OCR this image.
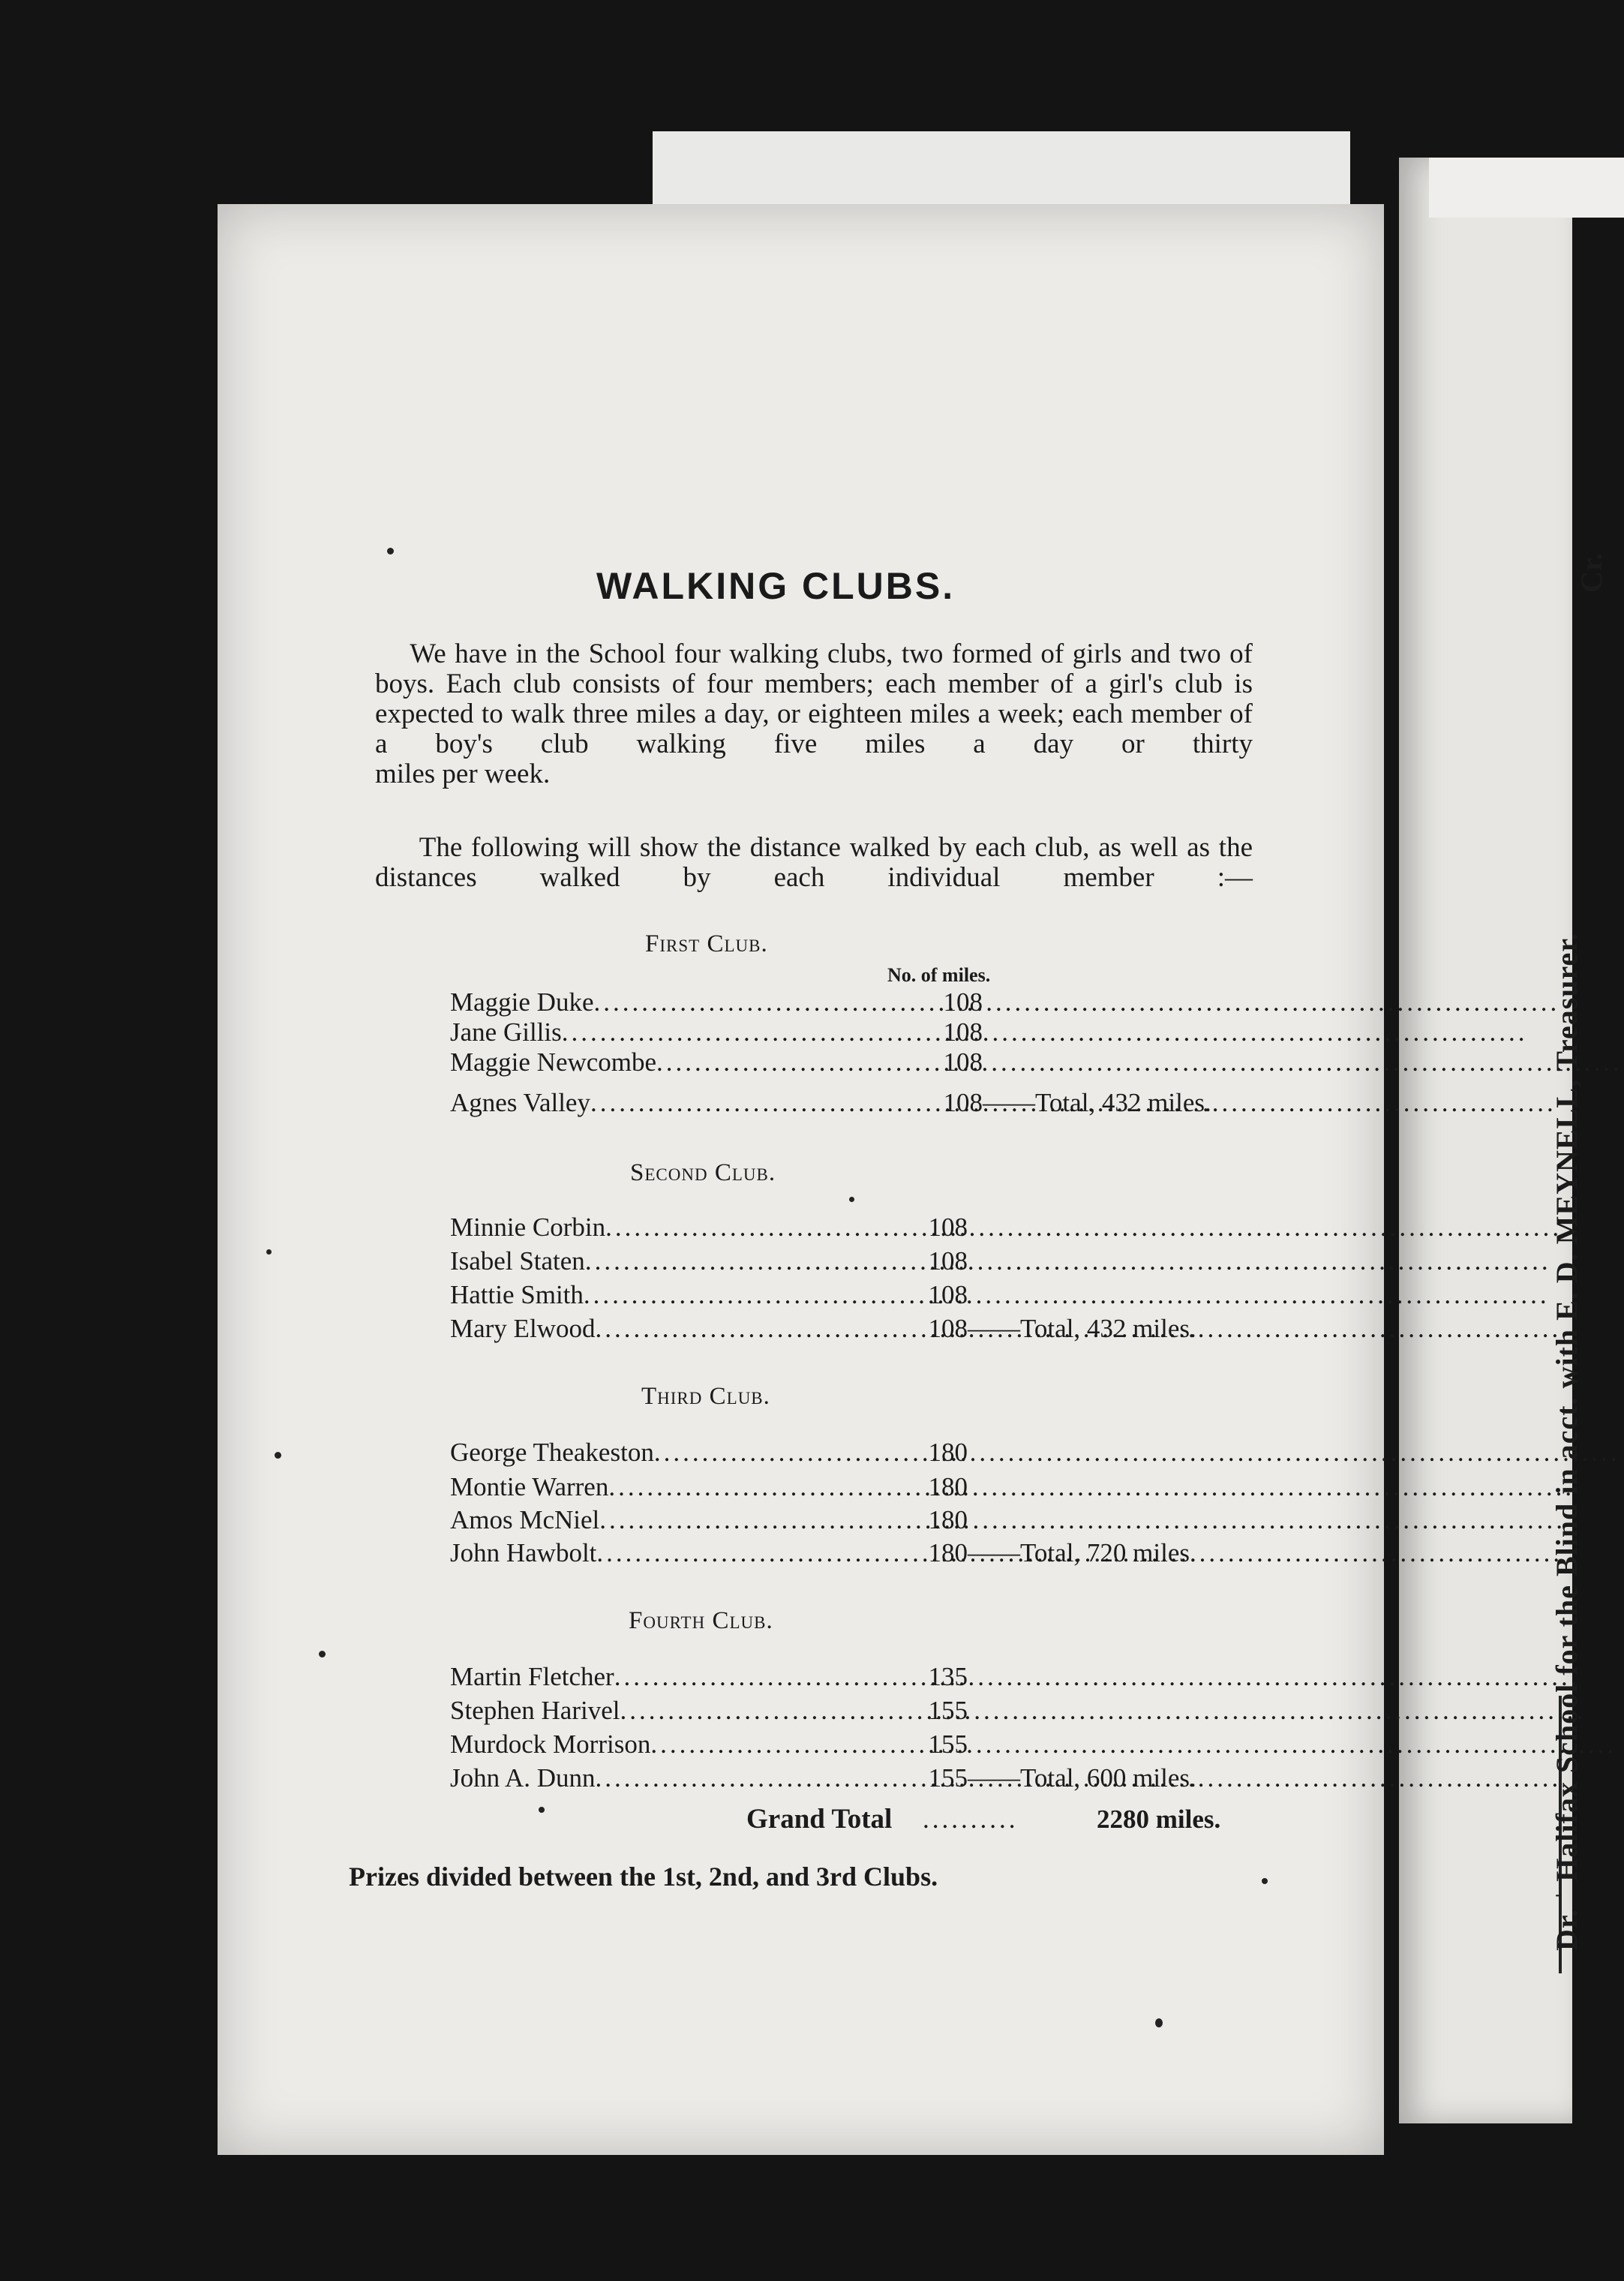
Dr. ˈ Halifax School for the Blind in acct. with E. D. MEYNELL, Treasurer.
Cr.
WALKING CLUBS.

We have in the School four walking clubs, two formed of girls and two of boys. Each club consists of four members; each member of a girl's club is expected to walk three miles a day, or eighteen miles a week; each member of a boy's club walking five miles a day or thirty
miles per week.

The following will show the distance walked by each club, as well as the distances walked by each individual member :—

First Club.
No. of miles.
Maggie Duke .....	108
Jane Gillis .....	108
Maggie Newcombe .....	108
Agnes Valley .....	108 ——Total, 432 miles.
Second Club.
Minnie Corbin .....	108
Isabel Staten .....	108
Hattie Smith .....	108
Mary Elwood .....	108 ——Total, 432 miles.
Third Club.
George Theakeston .....	180
Montie Warren .....	180
Amos McNiel .....	180
John Hawbolt .....	180 ——Total, 720 miles.
Fourth Club.
Martin Fletcher .....	135
Stephen Harivel .....	155
Murdock Morrison .....	155
John A. Dunn .....	155 ——Total, 600 miles.
Grand Total ..........	2280 miles.
Prizes divided between the 1st, 2nd, and 3rd Clubs.
